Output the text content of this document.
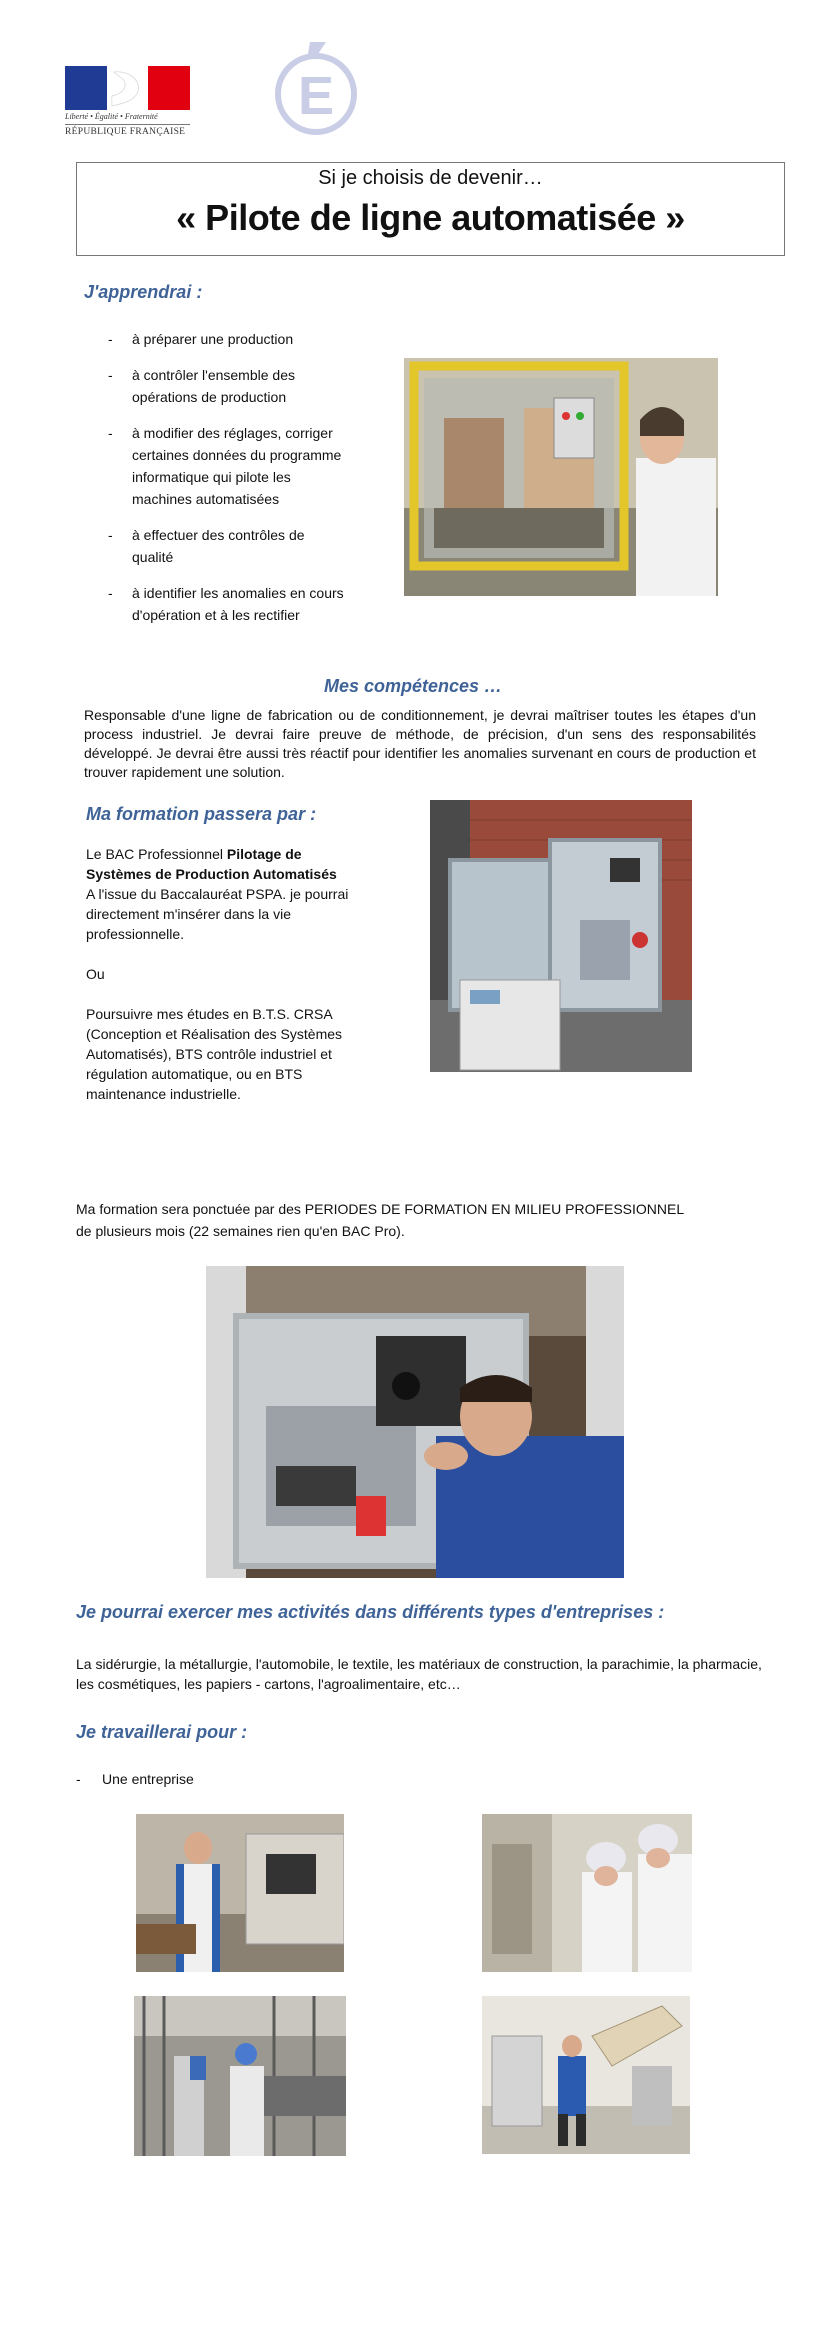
Liberté • Égalité • Fraternité
RÉPUBLIQUE FRANÇAISE
E
Si je choisis de devenir…
« Pilote de ligne automatisée »
J'apprendrai :
- à préparer une production
- à contrôler l'ensemble des opérations de production
- à modifier des réglages, corriger certaines données du programme informatique qui pilote les machines automatisées
- à effectuer des contrôles de qualité
- à identifier les anomalies en cours d'opération et à les rectifier
Mes compétences …
Responsable d'une ligne de fabrication ou de conditionnement, je devrai maîtriser toutes les étapes d'un process industriel. Je devrai faire preuve de méthode, de précision, d'un sens des responsabilités développé. Je devrai être aussi très réactif pour identifier les anomalies survenant en cours de production et trouver rapidement une solution.
Ma formation passera par :
Le BAC Professionnel Pilotage de Systèmes de Production Automatisés
A l'issue du Baccalauréat PSPA. je pourrai directement m'insérer dans la vie professionnelle.
Ou
Poursuivre mes études en B.T.S. CRSA (Conception et Réalisation des Systèmes Automatisés), BTS contrôle industriel et régulation automatique, ou en BTS maintenance industrielle.
Ma formation sera ponctuée par des PERIODES DE FORMATION EN MILIEU PROFESSIONNEL
de plusieurs mois (22 semaines rien qu'en BAC Pro).
Je pourrai exercer mes activités dans différents types d'entreprises :
La sidérurgie, la métallurgie, l'automobile, le textile, les matériaux de construction, la parachimie, la pharmacie, les cosmétiques, les papiers - cartons, l'agroalimentaire, etc…
Je travaillerai pour :
- Une entreprise
